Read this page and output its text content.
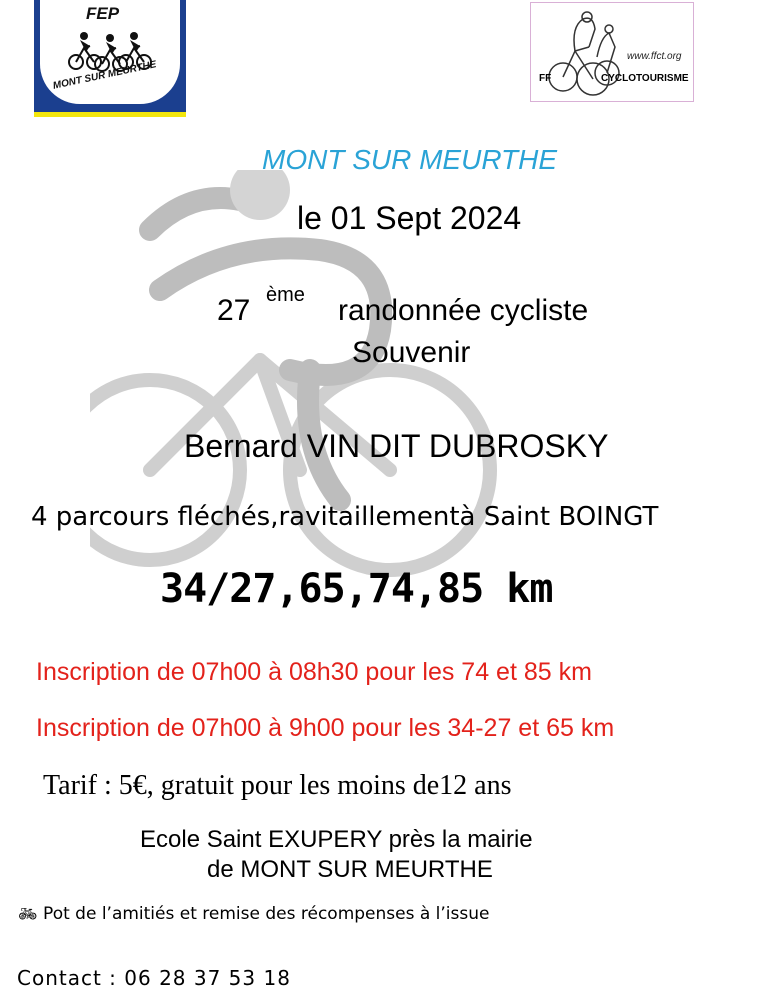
FEP
MONT SUR MEURTHE
www.ffct.org
FF	CYCLOTOURISME
MONT SUR MEURTHE
le 01 Sept 2024
27 ème randonnée cycliste
Souvenir
Bernard VIN DIT DUBROSKY
4 parcours fléchés,ravitaillementà Saint BOINGT
34/27,65,74,85 km
Inscription de 07h00 à 08h30 pour les 74 et 85 km
Inscription de 07h00 à 9h00 pour les 34-27 et 65 km
Tarif : 5€, gratuit pour les moins de12 ans
Ecole Saint EXUPERY près la mairie
de MONT SUR MEURTHE
🚲︎ Pot de l’amitiés et remise des récompenses à l’issue
Contact : 06 28 37 53 18
